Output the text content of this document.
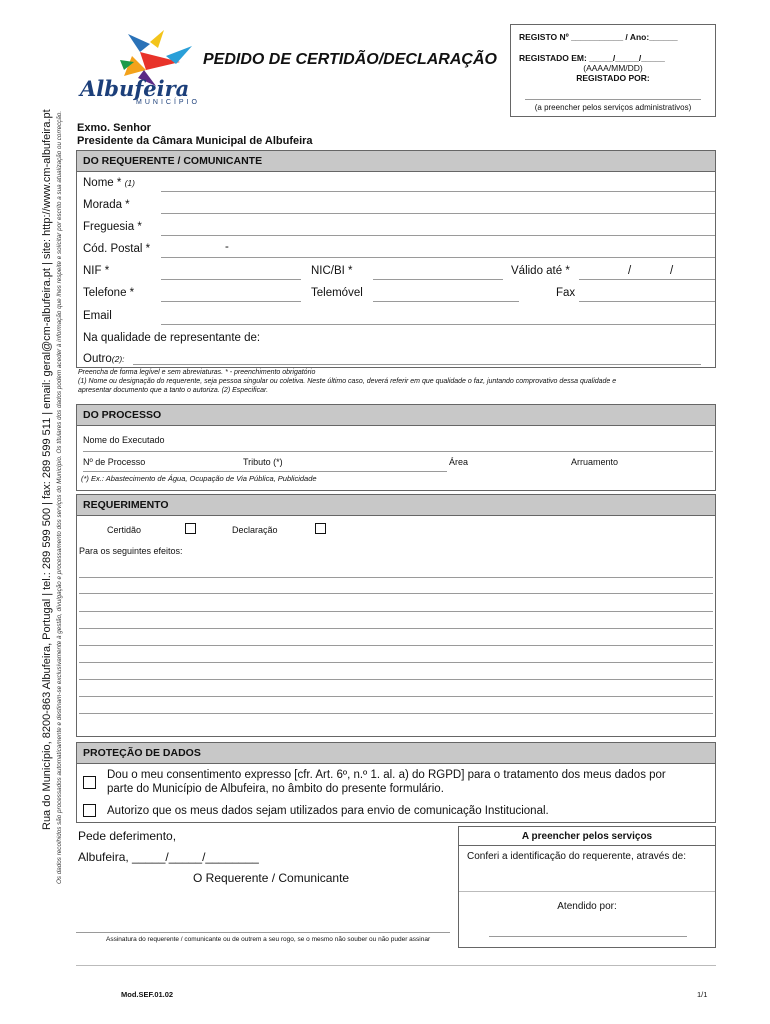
Rua do Município, 8200-863 Albufeira, Portugal | tel.: 289 599 500 | fax: 289 599 511 | email: geral@cm-albufeira.pt | site: http://www.cm-albufeira.pt Os dados recolhidos são processados automaticamente e destinam-se exclusivamente à gestão, divulgação e processamento dos serviços do Município. Os titulares dos dados podem aceder à informação que lhes respeite e solicitar por escrito a sua atualização ou correcção.
Albufeira
MUNICÍPIO
PEDIDO DE CERTIDÃO/DECLARAÇÃO
REGISTO Nº ___________ / Ano:______
REGISTADO EM: _____/_____/_____
(AAAA/MM/DD)
REGISTADO POR:
(a preencher pelos serviços administrativos)
Exmo. Senhor
Presidente da Câmara Municipal de Albufeira
DO REQUERENTE / COMUNICANTE
Nome * (1)
Morada *
Freguesia *
Cód. Postal *	-
NIF *	NIC/BI *	Válido até *	/	/
Telefone *	Telemóvel	Fax
Email
Na qualidade de representante de:
Outro(2):
Preencha de forma legível e sem abreviaturas. * - preenchimento obrigatório
(1) Nome ou designação do requerente, seja pessoa singular ou coletiva. Neste último caso, deverá referir em que qualidade o faz, juntando comprovativo dessa qualidade e
apresentar documento que a tanto o autoriza. (2) Especificar.
DO PROCESSO
Nome do Executado
Nº de Processo	Tributo (*)	Área	Arruamento
(*) Ex.: Abastecimento de Água, Ocupação de Via Pública, Publicidade
REQUERIMENTO
Certidão	Declaração
Para os seguintes efeitos:
PROTEÇÃO DE DADOS
Dou o meu consentimento expresso [cfr. Art. 6º, n.º 1. al. a) do RGPD] para o tratamento dos meus dados por
parte do Município de Albufeira, no âmbito do presente formulário.
Autorizo que os meus dados sejam utilizados para envio de comunicação Institucional.
Pede deferimento,
Albufeira, _____/_____/________
O Requerente / Comunicante
Assinatura do requerente / comunicante ou de outrem a seu rogo, se o mesmo não souber ou não puder assinar
A preencher pelos serviços
Conferi a identificação do requerente, através de:
Atendido por:
Mod.SEF.01.02	1/1
